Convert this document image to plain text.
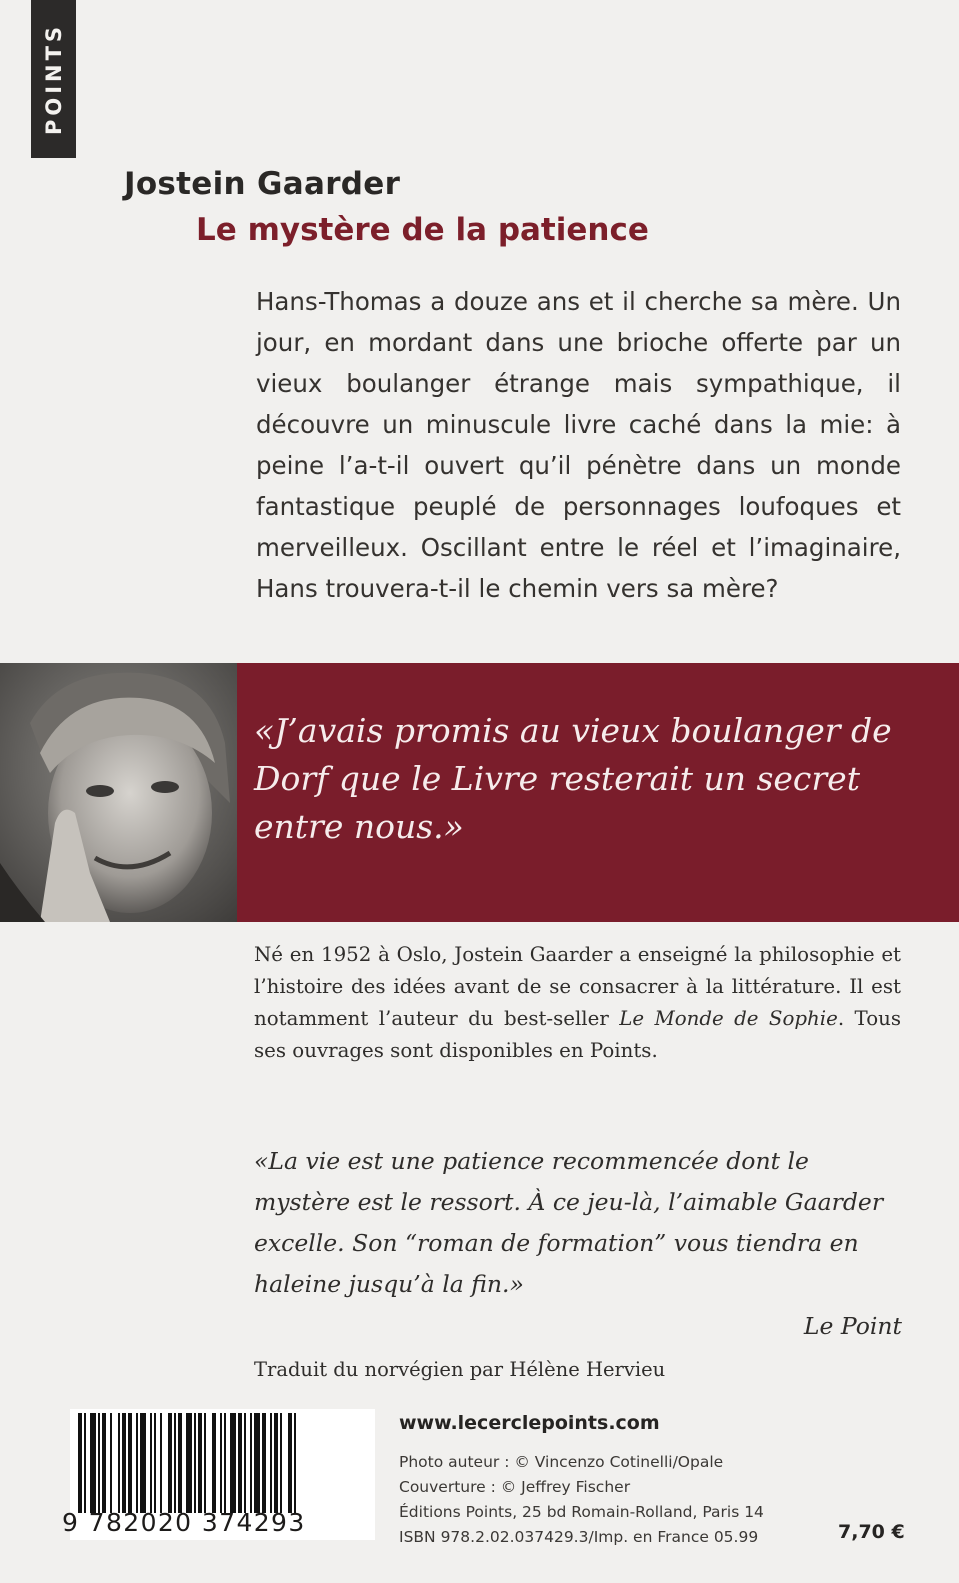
POINTS
Jostein Gaarder
Le mystère de la patience
Hans-Thomas a douze ans et il cherche sa mère. Un jour, en mordant dans une brioche offerte par un vieux boulanger étrange mais sympathique, il découvre un minuscule livre caché dans la mie: à peine l’a-t-il ouvert qu’il pénètre dans un monde fantastique peuplé de personnages loufoques et merveilleux. Oscillant entre le réel et l’imaginaire, Hans trouvera-t-il le chemin vers sa mère?
«J’avais promis au vieux boulanger de Dorf que le Livre resterait un secret entre nous.»
Né en 1952 à Oslo, Jostein Gaarder a enseigné la philosophie et l’histoire des idées avant de se consacrer à la littérature. Il est notamment l’auteur du best-seller Le Monde de Sophie. Tous ses ouvrages sont disponibles en Points.
«La vie est une patience recommencée dont le mystère est le ressort. À ce jeu-là, l’aimable Gaarder excelle. Son “roman de formation” vous tiendra en haleine jusqu’à la fin.»
Le Point
Traduit du norvégien par Hélène Hervieu
9 782020 374293
www.lecerclepoints.com
Photo auteur : © Vincenzo Cotinelli/Opale
Couverture : © Jeffrey Fischer
Éditions Points, 25 bd Romain-Rolland, Paris 14
ISBN 978.2.02.037429.3/Imp. en France 05.99	7,70 €
